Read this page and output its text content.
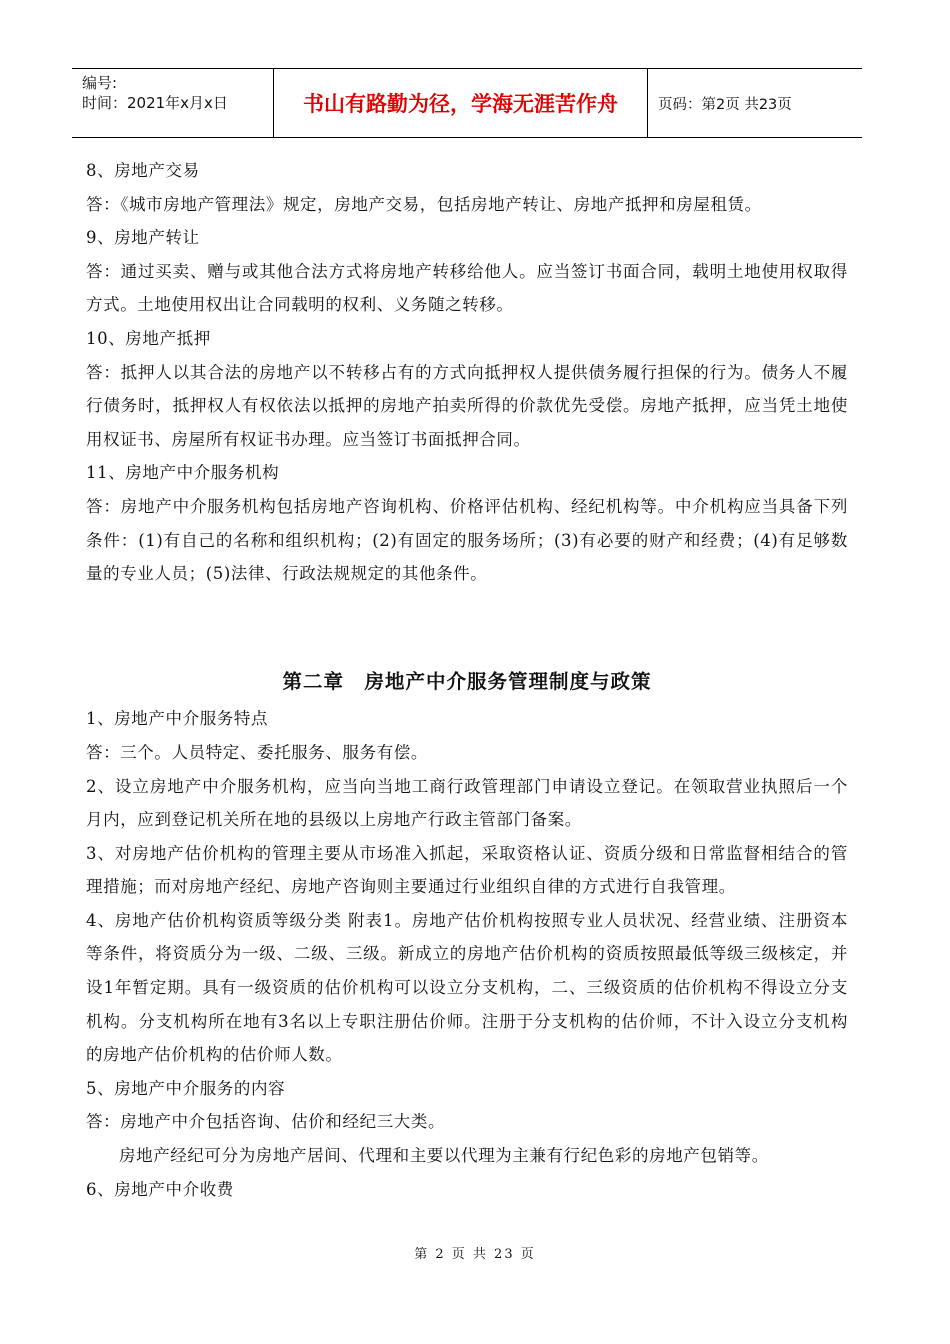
编号:
时间：2021年x月x日	书山有路勤为径，学海无涯苦作舟	页码：第2页 共23页

8、房地产交易

答：《城市房地产管理法》规定，房地产交易，包括房地产转让、房地产抵押和房屋租赁。

9、房地产转让

答：通过买卖、赠与或其他合法方式将房地产转移给他人。应当签订书面合同，载明土地使用权取得方式。土地使用权出让合同载明的权利、义务随之转移。

10、房地产抵押

答：抵押人以其合法的房地产以不转移占有的方式向抵押权人提供债务履行担保的行为。债务人不履行债务时，抵押权人有权依法以抵押的房地产拍卖所得的价款优先受偿。房地产抵押，应当凭土地使用权证书、房屋所有权证书办理。应当签订书面抵押合同。

11、房地产中介服务机构

答：房地产中介服务机构包括房地产咨询机构、价格评估机构、经纪机构等。中介机构应当具备下列条件：(1)有自己的名称和组织机构；(2)有固定的服务场所；(3)有必要的财产和经费；(4)有足够数量的专业人员；(5)法律、行政法规规定的其他条件。

第二章　房地产中介服务管理制度与政策

1、房地产中介服务特点

答：三个。人员特定、委托服务、服务有偿。

2、设立房地产中介服务机构，应当向当地工商行政管理部门申请设立登记。在领取营业执照后一个月内，应到登记机关所在地的县级以上房地产行政主管部门备案。

3、对房地产估价机构的管理主要从市场准入抓起，采取资格认证、资质分级和日常监督相结合的管理措施；而对房地产经纪、房地产咨询则主要通过行业组织自律的方式进行自我管理。

4、房地产估价机构资质等级分类 附表1。房地产估价机构按照专业人员状况、经营业绩、注册资本等条件，将资质分为一级、二级、三级。新成立的房地产估价机构的资质按照最低等级三级核定，并设1年暂定期。具有一级资质的估价机构可以设立分支机构，二、三级资质的估价机构不得设立分支机构。分支机构所在地有3名以上专职注册估价师。注册于分支机构的估价师，不计入设立分支机构的房地产估价机构的估价师人数。

5、房地产中介服务的内容

答：房地产中介包括咨询、估价和经纪三大类。

房地产经纪可分为房地产居间、代理和主要以代理为主兼有行纪色彩的房地产包销等。

6、房地产中介收费

第 2 页 共 23 页
